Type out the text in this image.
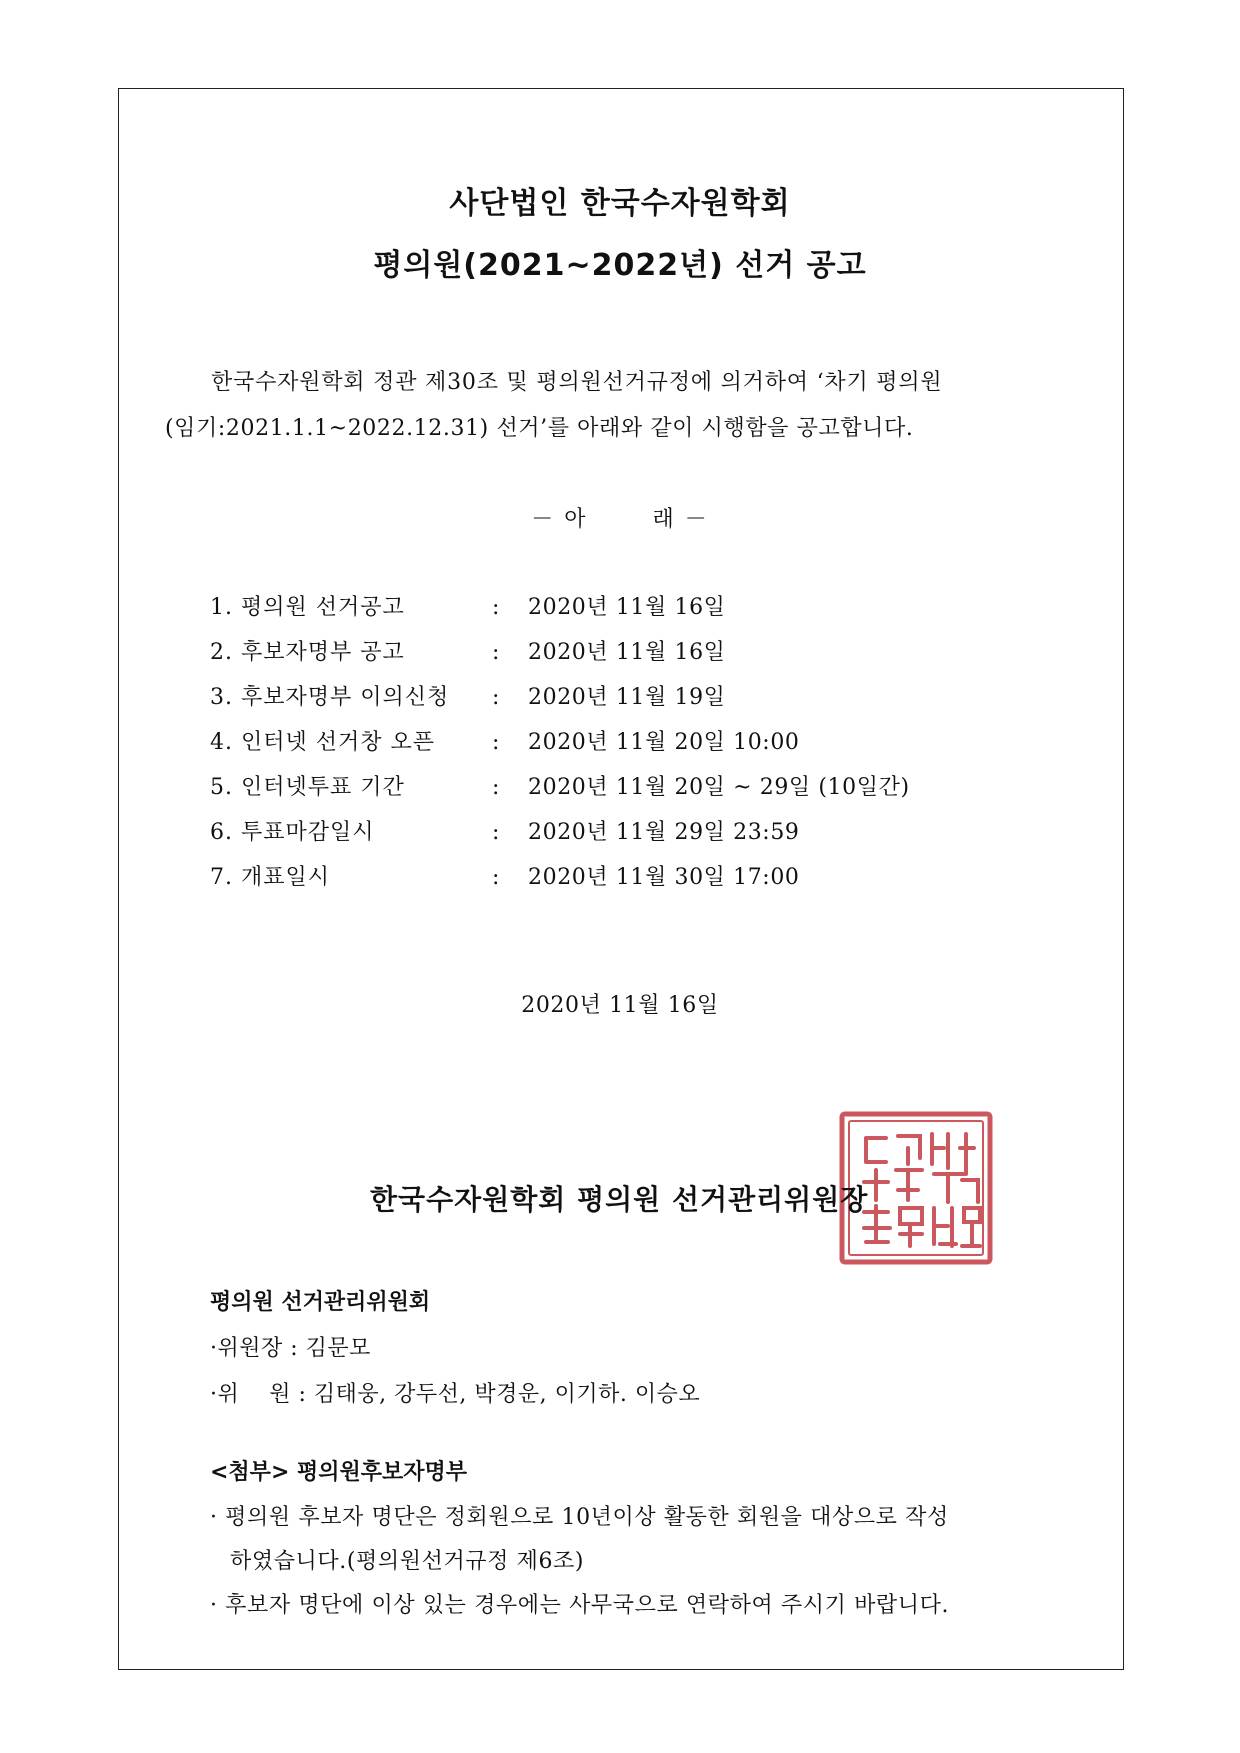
사단법인 한국수자원학회
평의원(2021~2022년) 선거 공고
한국수자원학회 정관 제30조 및 평의원선거규정에 의거하여 ‘차기 평의원
(임기:2021.1.1~2022.12.31) 선거’를 아래와 같이 시행함을 공고합니다.
－ 아	래 －
1. 평의원 선거공고	: 2020년 11월 16일
2. 후보자명부 공고	: 2020년 11월 16일
3. 후보자명부 이의신청 : 2020년 11월 19일
4. 인터넷 선거창 오픈	: 2020년 11월 20일 10:00
5. 인터넷투표 기간	: 2020년 11월 20일 ~ 29일 (10일간)
6. 투표마감일시	: 2020년 11월 29일 23:59
7. 개표일시	: 2020년 11월 30일 17:00
2020년 11월 16일
한국수자원학회 평의원 선거관리위원장
평의원 선거관리위원회
·위원장 : 김문모
·위    원 : 김태웅, 강두선, 박경운, 이기하. 이승오
<첨부> 평의원후보자명부
· 평의원 후보자 명단은 정회원으로 10년이상 활동한 회원을 대상으로 작성
하였습니다.(평의원선거규정 제6조)
· 후보자 명단에 이상 있는 경우에는 사무국으로 연락하여 주시기 바랍니다.
